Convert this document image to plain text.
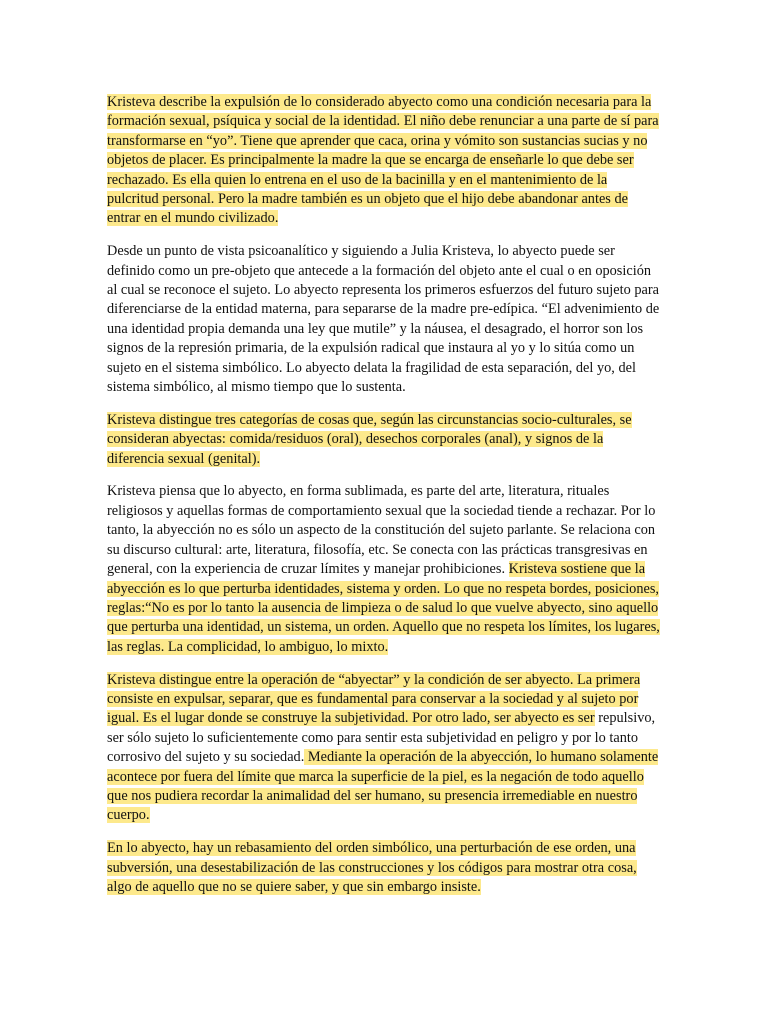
Kristeva describe la expulsión de lo considerado abyecto como una condición necesaria para la formación sexual, psíquica y social de la identidad. El niño debe renunciar a una parte de sí para transformarse en “yo”. Tiene que aprender que caca, orina y vómito son sustancias sucias y no objetos de placer. Es principalmente la madre la que se encarga de enseñarle lo que debe ser rechazado. Es ella quien lo entrena en el uso de la bacinilla y en el mantenimiento de la pulcritud personal. Pero la madre también es un objeto que el hijo debe abandonar antes de entrar en el mundo civilizado.

Desde un punto de vista psicoanalítico y siguiendo a Julia Kristeva, lo abyecto puede ser definido como un pre-objeto que antecede a la formación del objeto ante el cual o en oposición al cual se reconoce el sujeto. Lo abyecto representa los primeros esfuerzos del futuro sujeto para diferenciarse de la entidad materna, para separarse de la madre pre-edípica. “El advenimiento de una identidad propia demanda una ley que mutile” y la náusea, el desagrado, el horror son los signos de la represión primaria, de la expulsión radical que instaura al yo y lo sitúa como un sujeto en el sistema simbólico. Lo abyecto delata la fragilidad de esta separación, del yo, del sistema simbólico, al mismo tiempo que lo sustenta.

Kristeva distingue tres categorías de cosas que, según las circunstancias socio-culturales, se consideran abyectas: comida/residuos (oral), desechos corporales (anal), y signos de la diferencia sexual (genital).

Kristeva piensa que lo abyecto, en forma sublimada, es parte del arte, literatura, rituales religiosos y aquellas formas de comportamiento sexual que la sociedad tiende a rechazar. Por lo tanto, la abyección no es sólo un aspecto de la constitución del sujeto parlante. Se relaciona con su discurso cultural: arte, literatura, filosofía, etc. Se conecta con las prácticas transgresivas en general, con la experiencia de cruzar límites y manejar prohibiciones. Kristeva sostiene que la abyección es lo que perturba identidades, sistema y orden. Lo que no respeta bordes, posiciones, reglas:“No es por lo tanto la ausencia de limpieza o de salud lo que vuelve abyecto, sino aquello que perturba una identidad, un sistema, un orden. Aquello que no respeta los límites, los lugares, las reglas. La complicidad, lo ambiguo, lo mixto.

Kristeva distingue entre la operación de “abyectar” y la condición de ser abyecto. La primera consiste en expulsar, separar, que es fundamental para conservar a la sociedad y al sujeto por igual. Es el lugar donde se construye la subjetividad. Por otro lado, ser abyecto es ser repulsivo, ser sólo sujeto lo suficientemente como para sentir esta subjetividad en peligro y por lo tanto corrosivo del sujeto y su sociedad. Mediante la operación de la abyección, lo humano solamente acontece por fuera del límite que marca la superficie de la piel, es la negación de todo aquello que nos pudiera recordar la animalidad del ser humano, su presencia irremediable en nuestro cuerpo.

En lo abyecto, hay un rebasamiento del orden simbólico, una perturbación de ese orden, una subversión, una desestabilización de las construcciones y los códigos para mostrar otra cosa, algo de aquello que no se quiere saber, y que sin embargo insiste.
